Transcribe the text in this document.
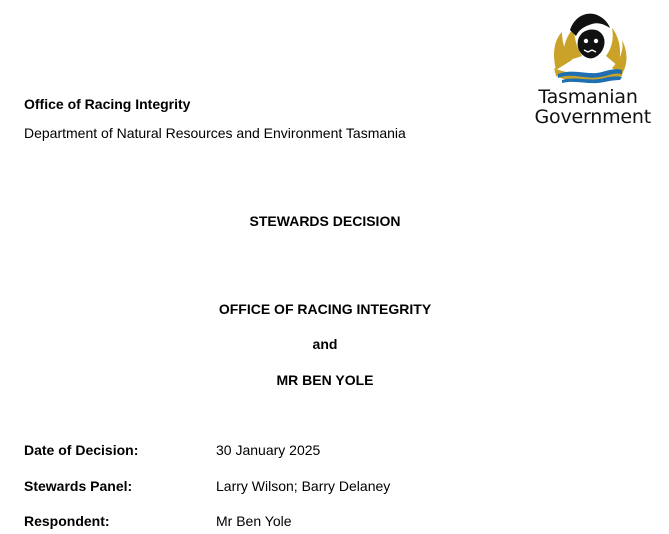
Tasmanian
Government
Office of Racing Integrity
Department of Natural Resources and Environment Tasmania
STEWARDS DECISION
OFFICE OF RACING INTEGRITY
and
MR BEN YOLE
Date of Decision:	30 January 2025
Stewards Panel:	Larry Wilson; Barry Delaney
Respondent:	Mr Ben Yole
